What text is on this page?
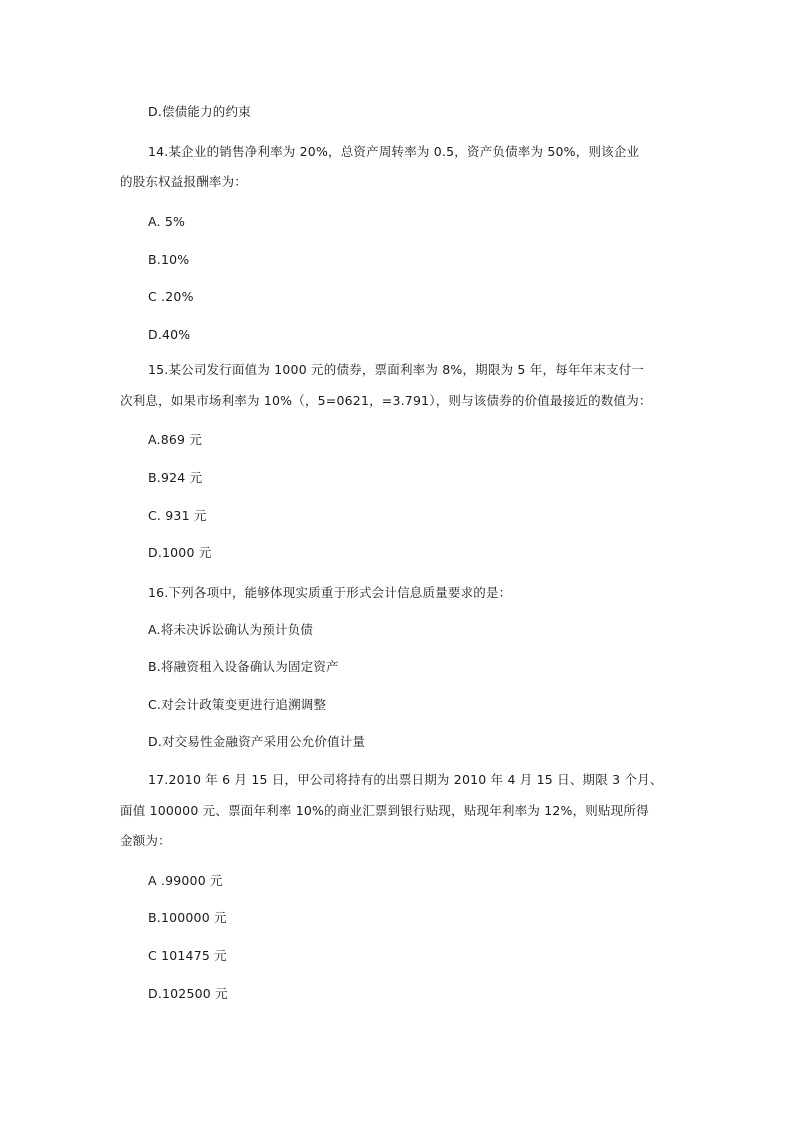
D.偿债能力的约束
14.某企业的销售净利率为 20%，总资产周转率为 0.5，资产负债率为 50%，则该企业
的股东权益报酬率为：
A. 5%
B.10%
C .20%
D.40%
15.某公司发行面值为 1000 元的债券，票面利率为 8%，期限为 5 年，每年年末支付一
次利息，如果市场利率为 10%（，5=0621，=3.791），则与该债券的价值最接近的数值为：
A.869 元
B.924 元
C. 931 元
D.1000 元
16.下列各项中，能够体现实质重于形式会计信息质量要求的是：
A.将未决诉讼确认为预计负债
B.将融资租入设备确认为固定资产
C.对会计政策变更进行追溯调整
D.对交易性金融资产采用公允价值计量
17.2010 年 6 月 15 日，甲公司将持有的出票日期为 2010 年 4 月 15 日、期限 3 个月、
面值 100000 元、票面年利率 10%的商业汇票到银行贴现，贴现年利率为 12%，则贴现所得
金额为：
A .99000 元
B.100000 元
C 101475 元
D.102500 元
